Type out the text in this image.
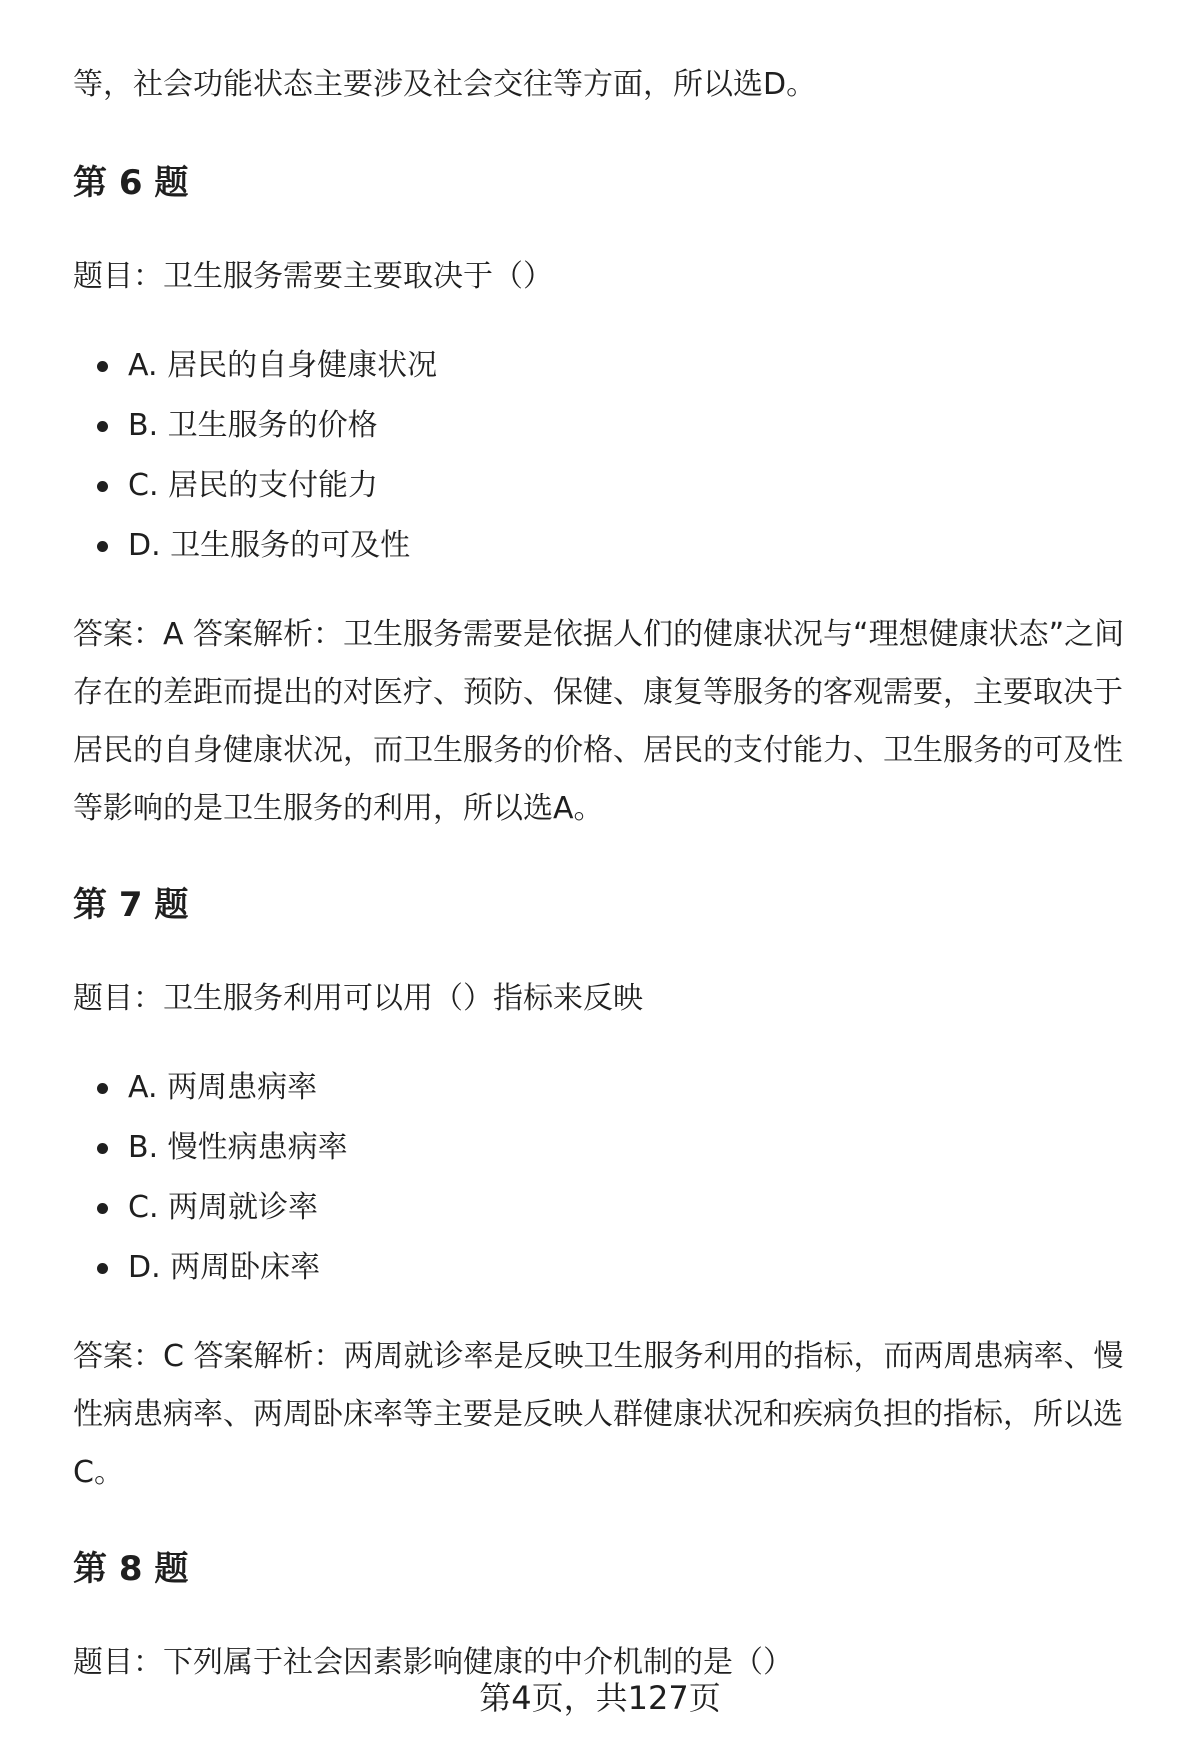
等，社会功能状态主要涉及社会交往等方面，所以选D。

第 6 题

题目：卫生服务需要主要取决于（）

A. 居民的自身健康状况
B. 卫生服务的价格
C. 居民的支付能力
D. 卫生服务的可及性

答案：A 答案解析：卫生服务需要是依据人们的健康状况与“理想健康状态”之间存在的差距而提出的对医疗、预防、保健、康复等服务的客观需要，主要取决于居民的自身健康状况，而卫生服务的价格、居民的支付能力、卫生服务的可及性等影响的是卫生服务的利用，所以选A。

第 7 题

题目：卫生服务利用可以用（）指标来反映

A. 两周患病率
B. 慢性病患病率
C. 两周就诊率
D. 两周卧床率

答案：C 答案解析：两周就诊率是反映卫生服务利用的指标，而两周患病率、慢性病患病率、两周卧床率等主要是反映人群健康状况和疾病负担的指标，所以选C。

第 8 题

题目：下列属于社会因素影响健康的中介机制的是（）

第4页，共127页
